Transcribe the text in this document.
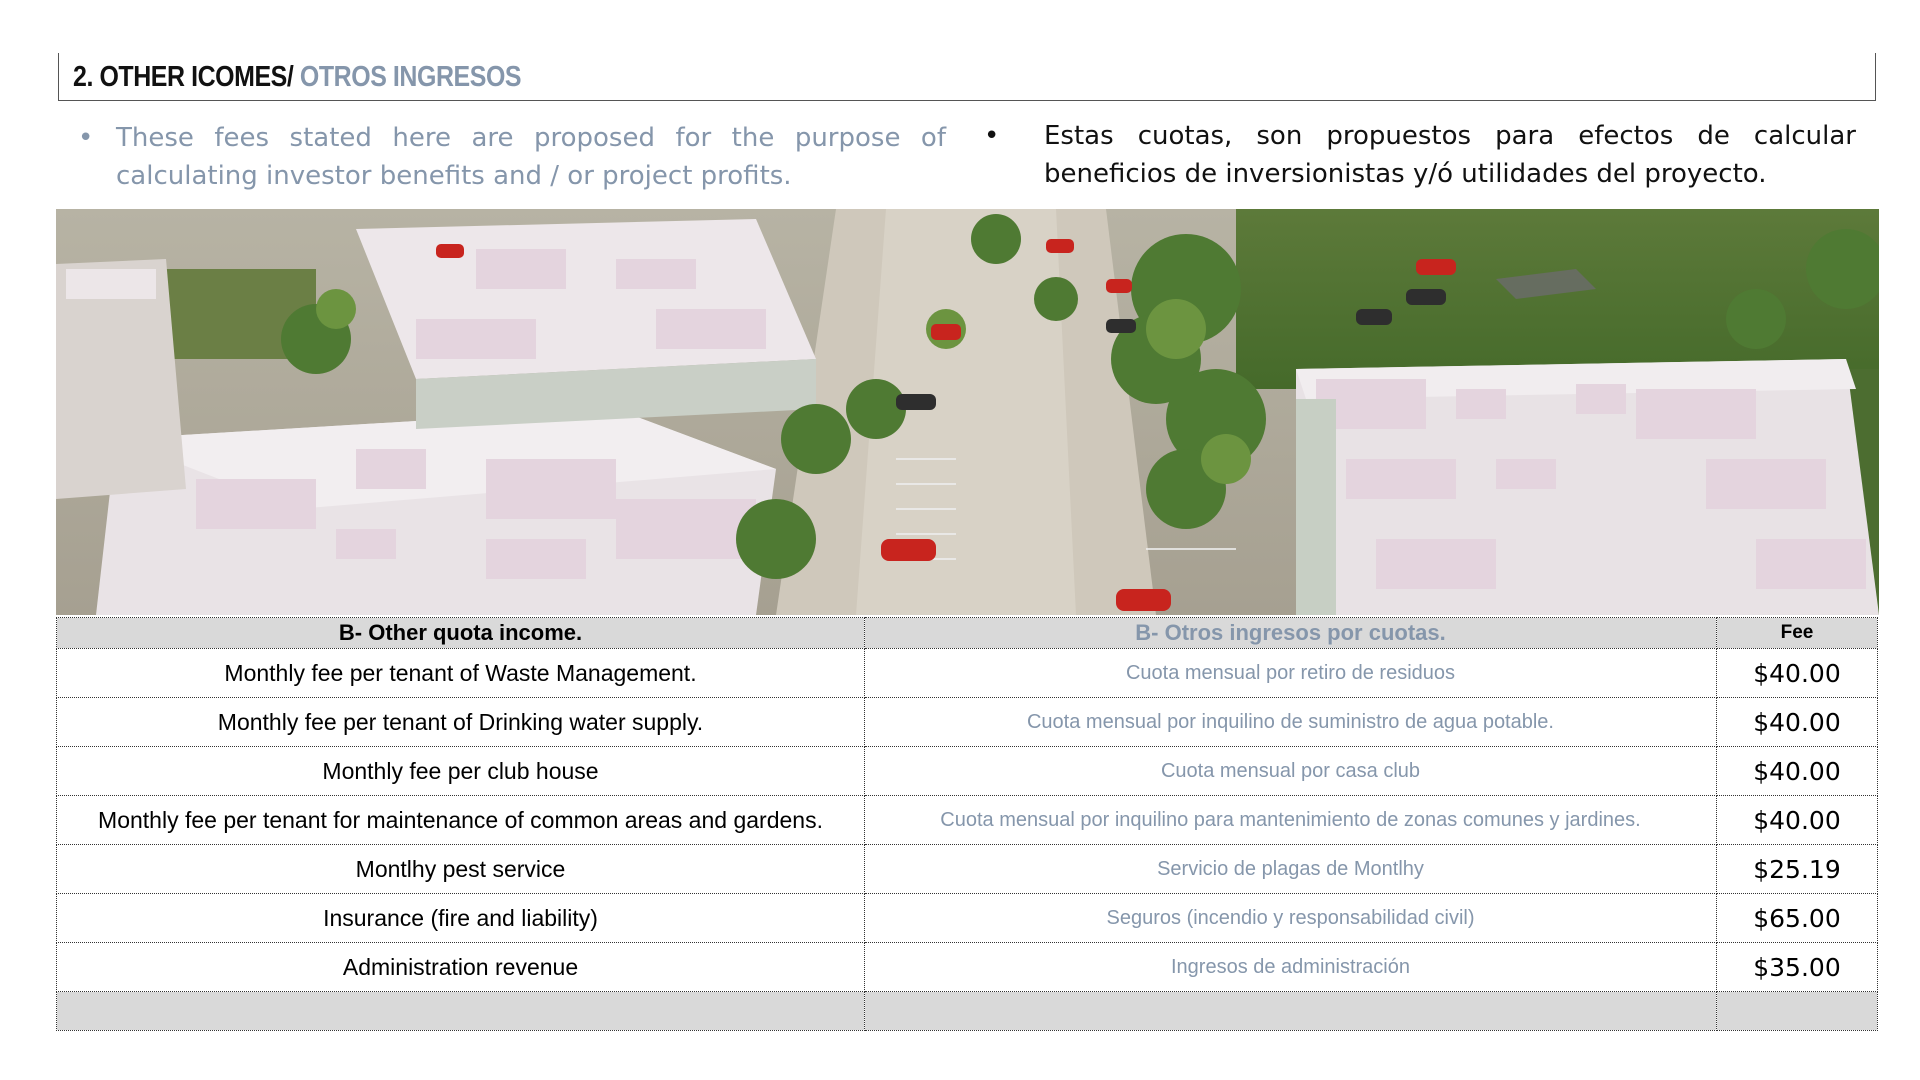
2. OTHER ICOMES/ OTROS INGRESOS
• These fees stated here are proposed for the purpose of calculating investor benefits and / or project profits.
• Estas cuotas, son propuestos para efectos de calcular beneficios de inversionistas y/ó utilidades del proyecto.
B- Other quota income.	B- Otros ingresos por cuotas.	Fee
Monthly fee per tenant of Waste Management.	Cuota mensual por retiro de residuos	$40.00
Monthly fee per tenant of Drinking water supply.	Cuota mensual por inquilino de suministro de agua potable.	$40.00
Monthly fee per club house	Cuota mensual por casa club	$40.00
Monthly fee per tenant for maintenance of common areas and gardens.	Cuota mensual por inquilino para mantenimiento de zonas comunes y jardines.	$40.00
Montlhy pest service	Servicio de plagas de Montlhy	$25.19
Insurance (fire and liability)	Seguros (incendio y responsabilidad civil)	$65.00
Administration revenue	Ingresos de administración	$35.00
